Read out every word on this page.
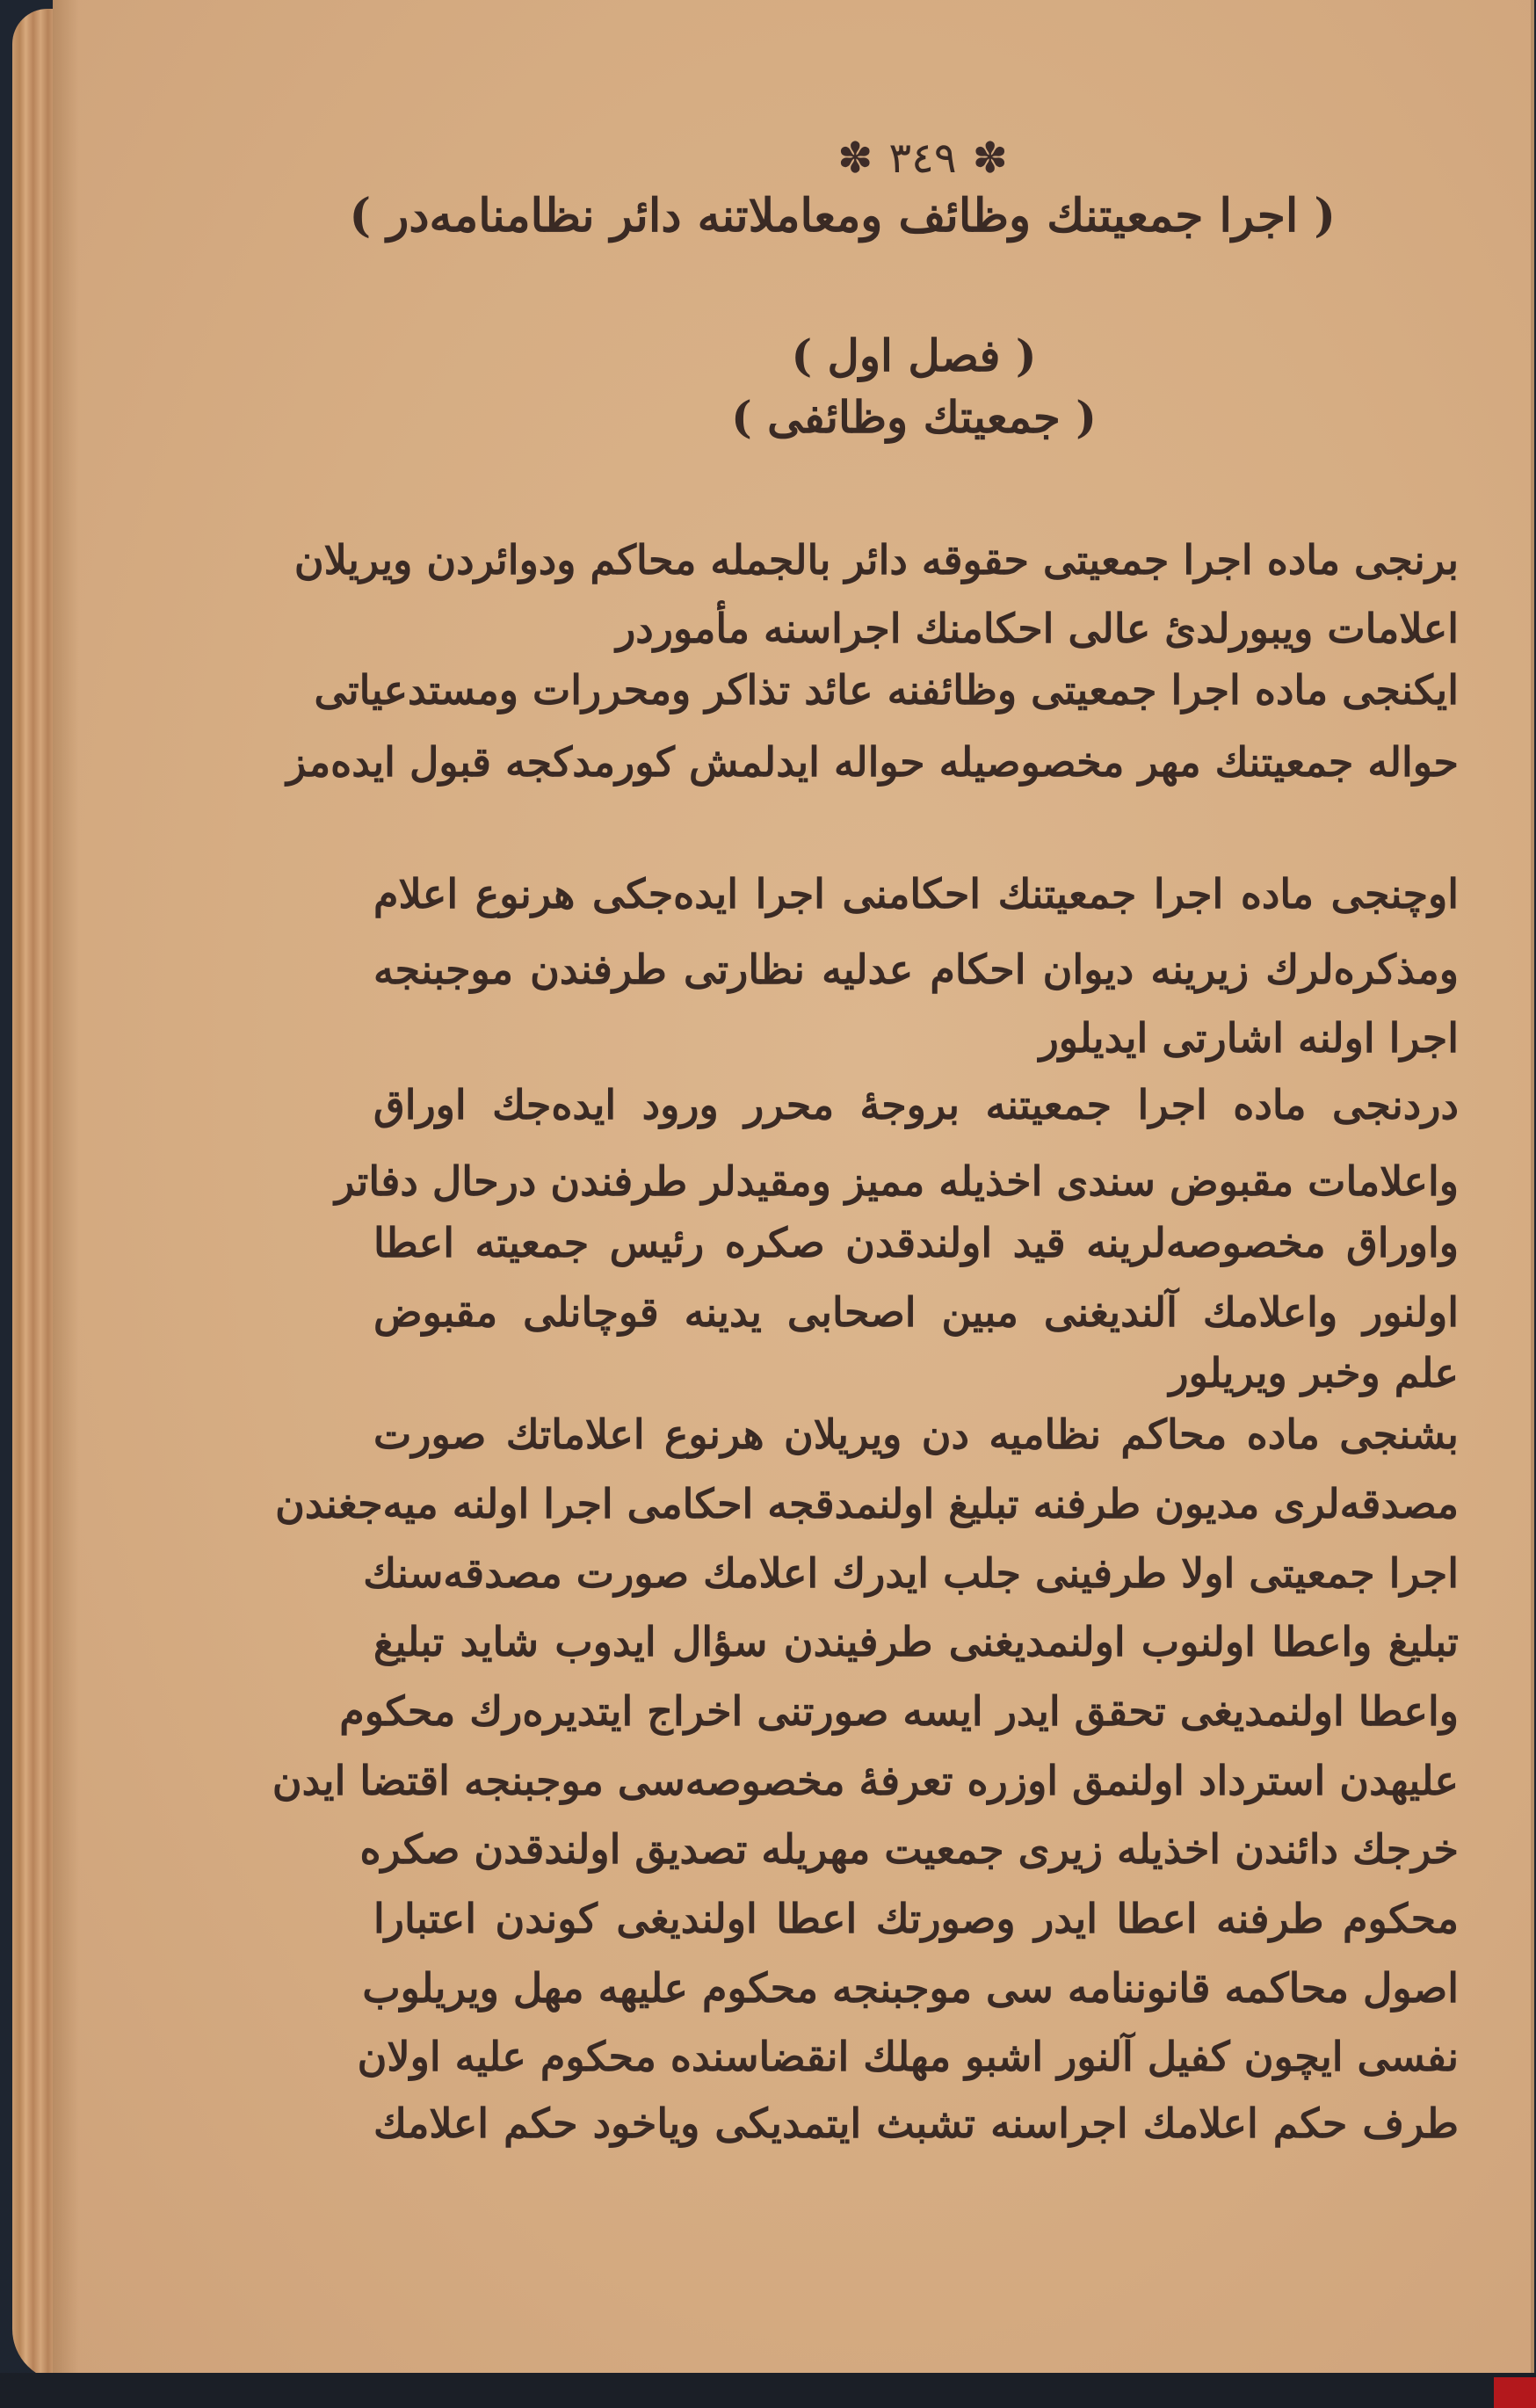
✽ ٣٤٩ ✽
( اجرا جمعیتنك وظائف ومعاملاتنه دائر نظامنامه‌در )
( فصل اول )
( جمعیتك وظائفی )
برنجی ماده اجرا جمعیتی حقوقه دائر بالجمله محاکم ودوائردن ویریلان
اعلامات ویبورلدیٔ عالی احکامنك اجراسنه مأموردر
ایکنجی ماده اجرا جمعیتی وظائفنه عائد تذاکر ومحررات ومستدعیاتی
حواله جمعیتنك مهر مخصوصیله حواله ایدلمش کورمدکجه قبول ایده‌مز
اوچنجی ماده اجرا جمعیتنك احکامنی اجرا ایده‌جکی هرنوع اعلام
ومذکره‌لرك زیرینه دیوان احکام عدلیه نظارتی طرفندن موجبنجه
اجرا اولنه اشارتی ایدیلور
دردنجی ماده اجرا جمعیتنه بروجهٔ محرر ورود ایده‌جك اوراق
واعلامات مقبوض سندی اخذیله ممیز ومقیدلر طرفندن درحال دفاتر
واوراق مخصوصه‌لرینه قید اولندقدن صکره رئیس جمعیته اعطا
اولنور واعلامك آلندیغنی مبین اصحابی یدینه قوچانلی مقبوض
علم وخبر ویریلور
بشنجی ماده محاکم نظامیه دن ویریلان هرنوع اعلاماتك صورت
مصدقه‌لری مدیون طرفنه تبلیغ اولنمدقجه احکامی اجرا اولنه میه‌جغندن
اجرا جمعیتی اولا طرفینی جلب ایدرك اعلامك صورت مصدقه‌سنك
تبلیغ واعطا اولنوب اولنمدیغنی طرفیندن سؤال ایدوب شاید تبلیغ
واعطا اولنمدیغی تحقق ایدر ایسه صورتنی اخراج ایتدیره‌رك محکوم
علیهدن استرداد اولنمق اوزره تعرفهٔ مخصوصه‌سی موجبنجه اقتضا ایدن
خرجك دائندن اخذیله زیری جمعیت مهریله تصدیق اولندقدن صکره
محکوم طرفنه اعطا ایدر وصورتك اعطا اولندیغی کوندن اعتبارا
اصول محاکمه قانوننامه سی موجبنجه محکوم علیهه مهل ویریلوب
نفسی ایچون کفیل آلنور اشبو مهلك انقضاسنده محکوم علیه اولان
طرف حکم اعلامك اجراسنه تشبث ایتمدیکی ویاخود حکم اعلامك
